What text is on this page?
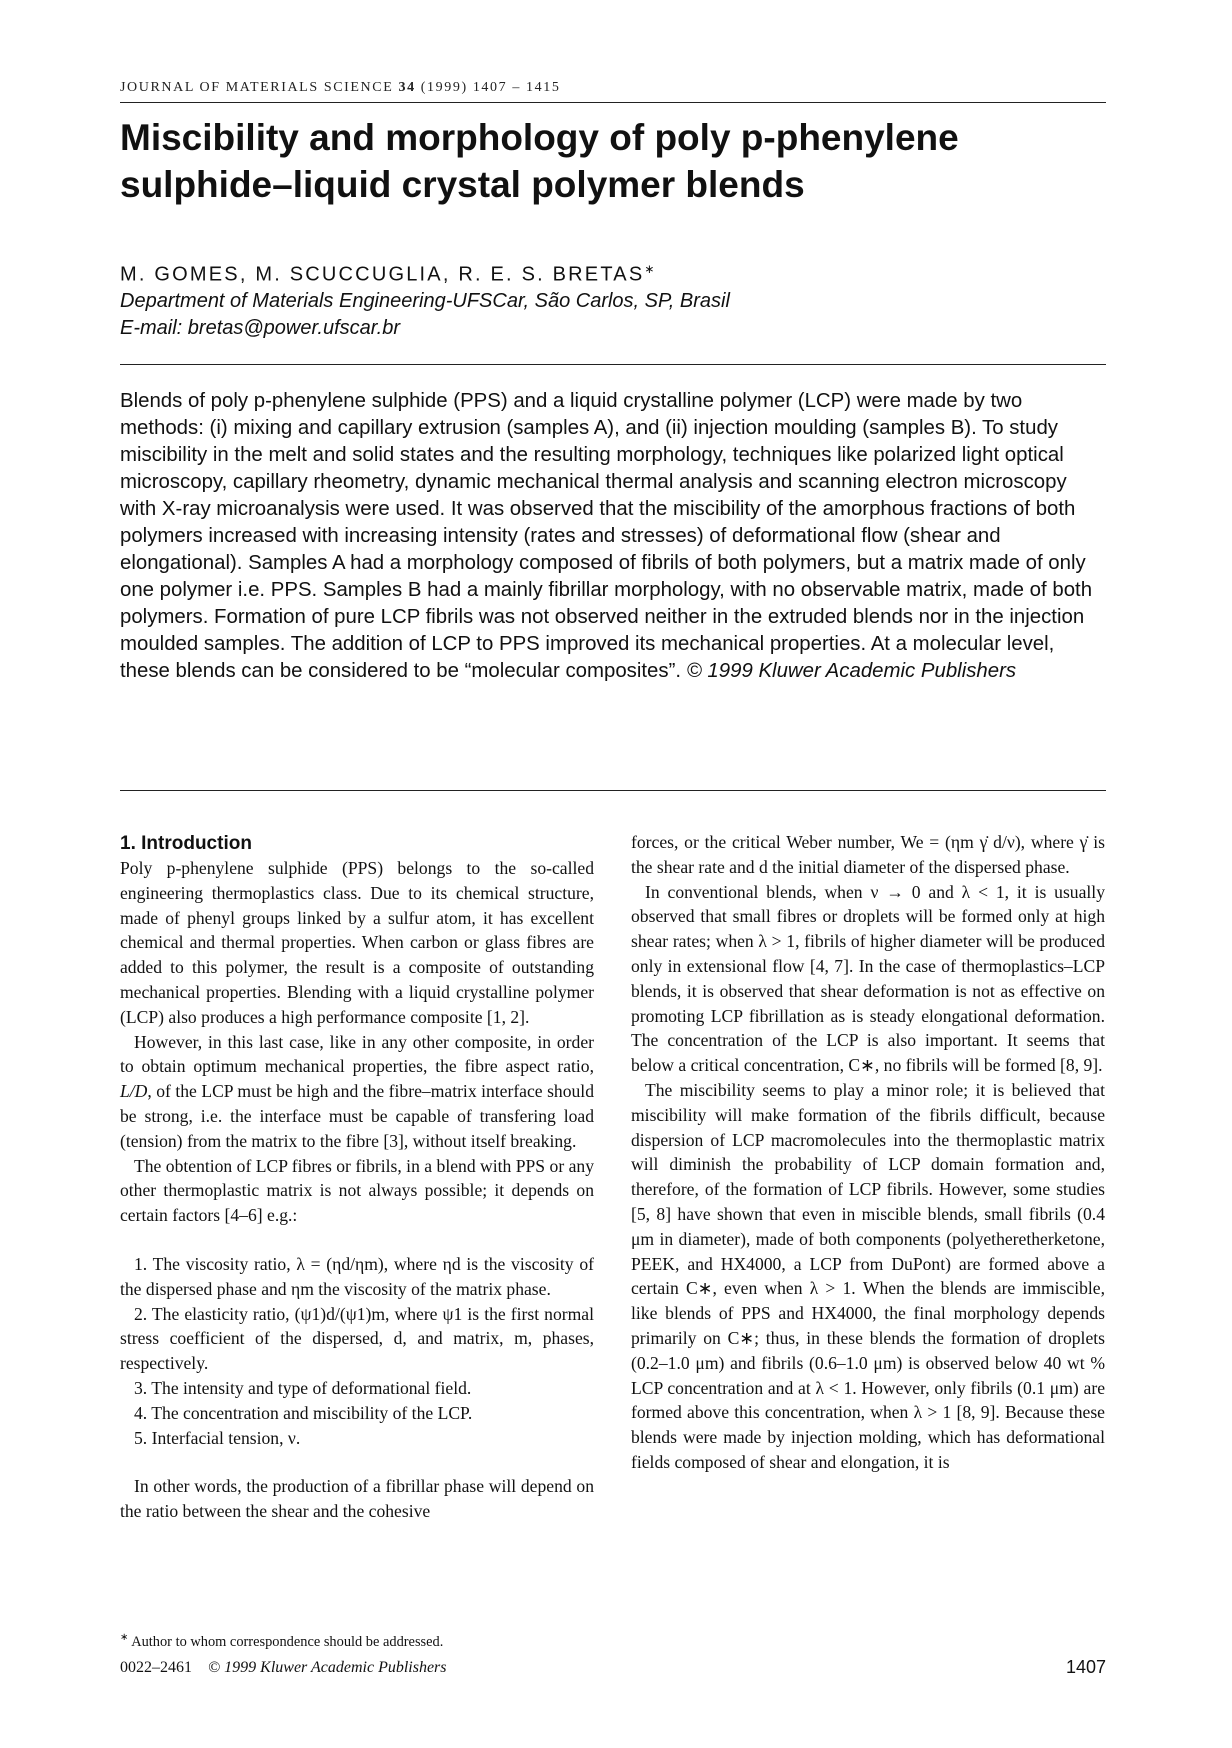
JOURNAL OF MATERIALS SCIENCE 34 (1999) 1407 – 1415
Miscibility and morphology of poly p-phenylene
sulphide–liquid crystal polymer blends
M. GOMES, M. SCUCCUGLIA, R. E. S. BRETAS∗
Department of Materials Engineering-UFSCar, São Carlos, SP, Brasil
E-mail: bretas@power.ufscar.br

Blends of poly p-phenylene sulphide (PPS) and a liquid crystalline polymer (LCP) were made by two methods: (i) mixing and capillary extrusion (samples A), and (ii) injection moulding (samples B). To study miscibility in the melt and solid states and the resulting morphology, techniques like polarized light optical microscopy, capillary rheometry, dynamic mechanical thermal analysis and scanning electron microscopy with X-ray microanalysis were used. It was observed that the miscibility of the amorphous fractions of both polymers increased with increasing intensity (rates and stresses) of deformational flow (shear and elongational). Samples A had a morphology composed of fibrils of both polymers, but a matrix made of only one polymer i.e. PPS. Samples B had a mainly fibrillar morphology, with no observable matrix, made of both polymers. Formation of pure LCP fibrils was not observed neither in the extruded blends nor in the injection moulded samples. The addition of LCP to PPS improved its mechanical properties. At a molecular level, these blends can be considered to be “molecular composites”. © 1999 Kluwer Academic Publishers

1. Introduction

Poly p-phenylene sulphide (PPS) belongs to the so-called engineering thermoplastics class. Due to its chemical structure, made of phenyl groups linked by a sulfur atom, it has excellent chemical and thermal properties. When carbon or glass fibres are added to this polymer, the result is a composite of outstanding mechanical properties. Blending with a liquid crystalline polymer (LCP) also produces a high performance composite [1, 2].

However, in this last case, like in any other composite, in order to obtain optimum mechanical properties, the fibre aspect ratio, L/D, of the LCP must be high and the fibre–matrix interface should be strong, i.e. the interface must be capable of transfering load (tension) from the matrix to the fibre [3], without itself breaking.

The obtention of LCP fibres or fibrils, in a blend with PPS or any other thermoplastic matrix is not always possible; it depends on certain factors [4–6] e.g.:

1. The viscosity ratio, λ = (ηd/ηm), where ηd is the viscosity of the dispersed phase and ηm the viscosity of the matrix phase.
2. The elasticity ratio, (ψ1)d/(ψ1)m, where ψ1 is the first normal stress coefficient of the dispersed, d, and matrix, m, phases, respectively.
3. The intensity and type of deformational field.
4. The concentration and miscibility of the LCP.
5. Interfacial tension, ν.

In other words, the production of a fibrillar phase will depend on the ratio between the shear and the cohesive

forces, or the critical Weber number, We = (ηm γ̇ d/ν), where γ̇ is the shear rate and d the initial diameter of the dispersed phase.

In conventional blends, when ν → 0 and λ < 1, it is usually observed that small fibres or droplets will be formed only at high shear rates; when λ > 1, fibrils of higher diameter will be produced only in extensional flow [4, 7]. In the case of thermoplastics–LCP blends, it is observed that shear deformation is not as effective on promoting LCP fibrillation as is steady elongational deformation. The concentration of the LCP is also important. It seems that below a critical concentration, C∗, no fibrils will be formed [8, 9].

The miscibility seems to play a minor role; it is believed that miscibility will make formation of the fibrils difficult, because dispersion of LCP macromolecules into the thermoplastic matrix will diminish the probability of LCP domain formation and, therefore, of the formation of LCP fibrils. However, some studies [5, 8] have shown that even in miscible blends, small fibrils (0.4 μm in diameter), made of both components (polyetheretherketone, PEEK, and HX4000, a LCP from DuPont) are formed above a certain C∗, even when λ > 1. When the blends are immiscible, like blends of PPS and HX4000, the final morphology depends primarily on C∗; thus, in these blends the formation of droplets (0.2–1.0 μm) and fibrils (0.6–1.0 μm) is observed below 40 wt % LCP concentration and at λ < 1. However, only fibrils (0.1 μm) are formed above this concentration, when λ > 1 [8, 9]. Because these blends were made by injection molding, which has deformational fields composed of shear and elongation, it is

∗ Author to whom correspondence should be addressed.
0022–2461 © 1999 Kluwer Academic Publishers	1407
